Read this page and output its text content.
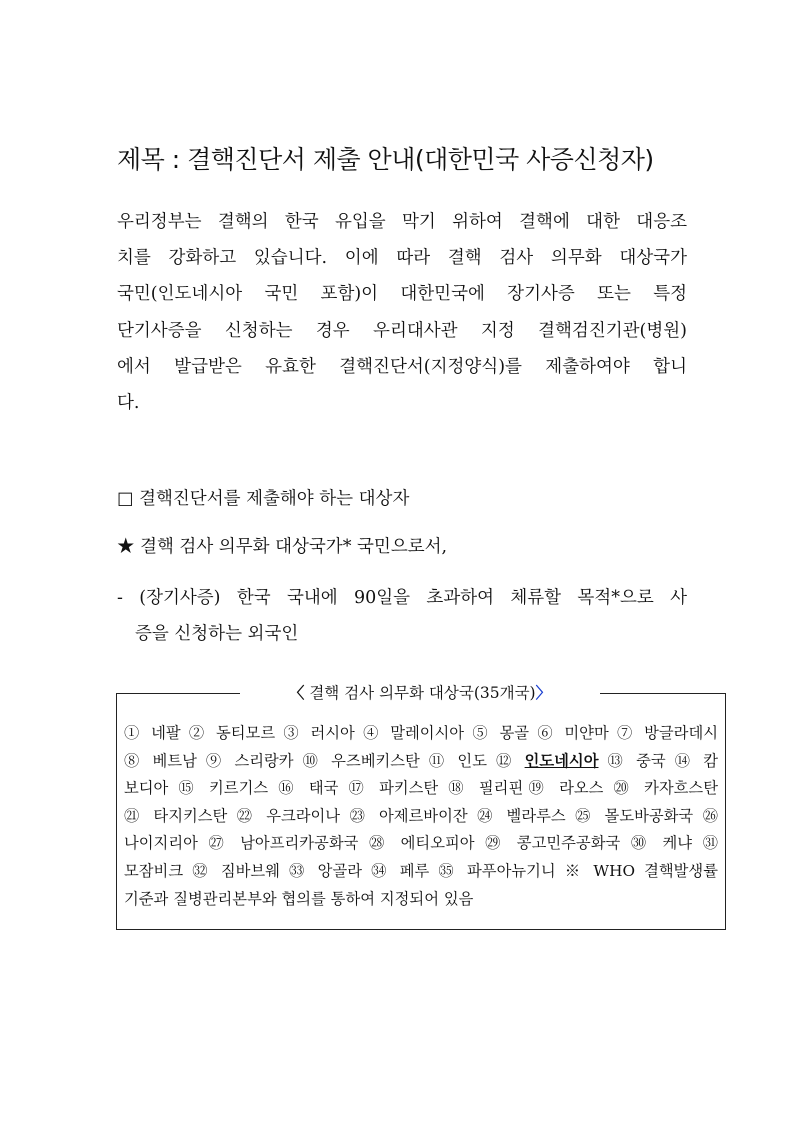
제목 : 결핵진단서 제출 안내(대한민국 사증신청자)
우리정부는 결핵의 한국 유입을 막기 위하여 결핵에 대한 대응조
치를 강화하고 있습니다. 이에 따라 결핵 검사 의무화 대상국가
국민(인도네시아 국민 포함)이 대한민국에 장기사증 또는 특정
단기사증을 신청하는 경우 우리대사관 지정 결핵검진기관(병원)
에서 발급받은 유효한 결핵진단서(지정양식)를 제출하여야 합니
다.
□ 결핵진단서를 제출해야 하는 대상자
★ 결핵 검사 의무화 대상국가* 국민으로서,
- (장기사증) 한국 국내에 90일을 초과하여 체류할 목적*으로 사
증을 신청하는 외국인
〈 결핵 검사 의무화 대상국(35개국)〉
① 네팔 ② 동티모르 ③ 러시아 ④ 말레이시아 ⑤ 몽골 ⑥ 미얀마 ⑦ 방글라데시
⑧ 베트남 ⑨ 스리랑카 ⑩ 우즈베키스탄 ⑪ 인도 ⑫ 인도네시아 ⑬ 중국 ⑭ 캄
보디아 ⑮ 키르기스 ⑯ 태국 ⑰ 파키스탄 ⑱ 필리핀⑲ 라오스 ⑳ 카자흐스탄
㉑ 타지키스탄 ㉒ 우크라이나 ㉓ 아제르바이잔 ㉔ 벨라루스 ㉕ 몰도바공화국 ㉖
나이지리아 ㉗ 남아프리카공화국 ㉘ 에티오피아 ㉙ 콩고민주공화국 ㉚ 케냐 ㉛
모잠비크 ㉜ 짐바브웨 ㉝ 앙골라 ㉞ 페루 ㉟ 파푸아뉴기니 ※ WHO 결핵발생률
기준과 질병관리본부와 협의를 통하여 지정되어 있음
